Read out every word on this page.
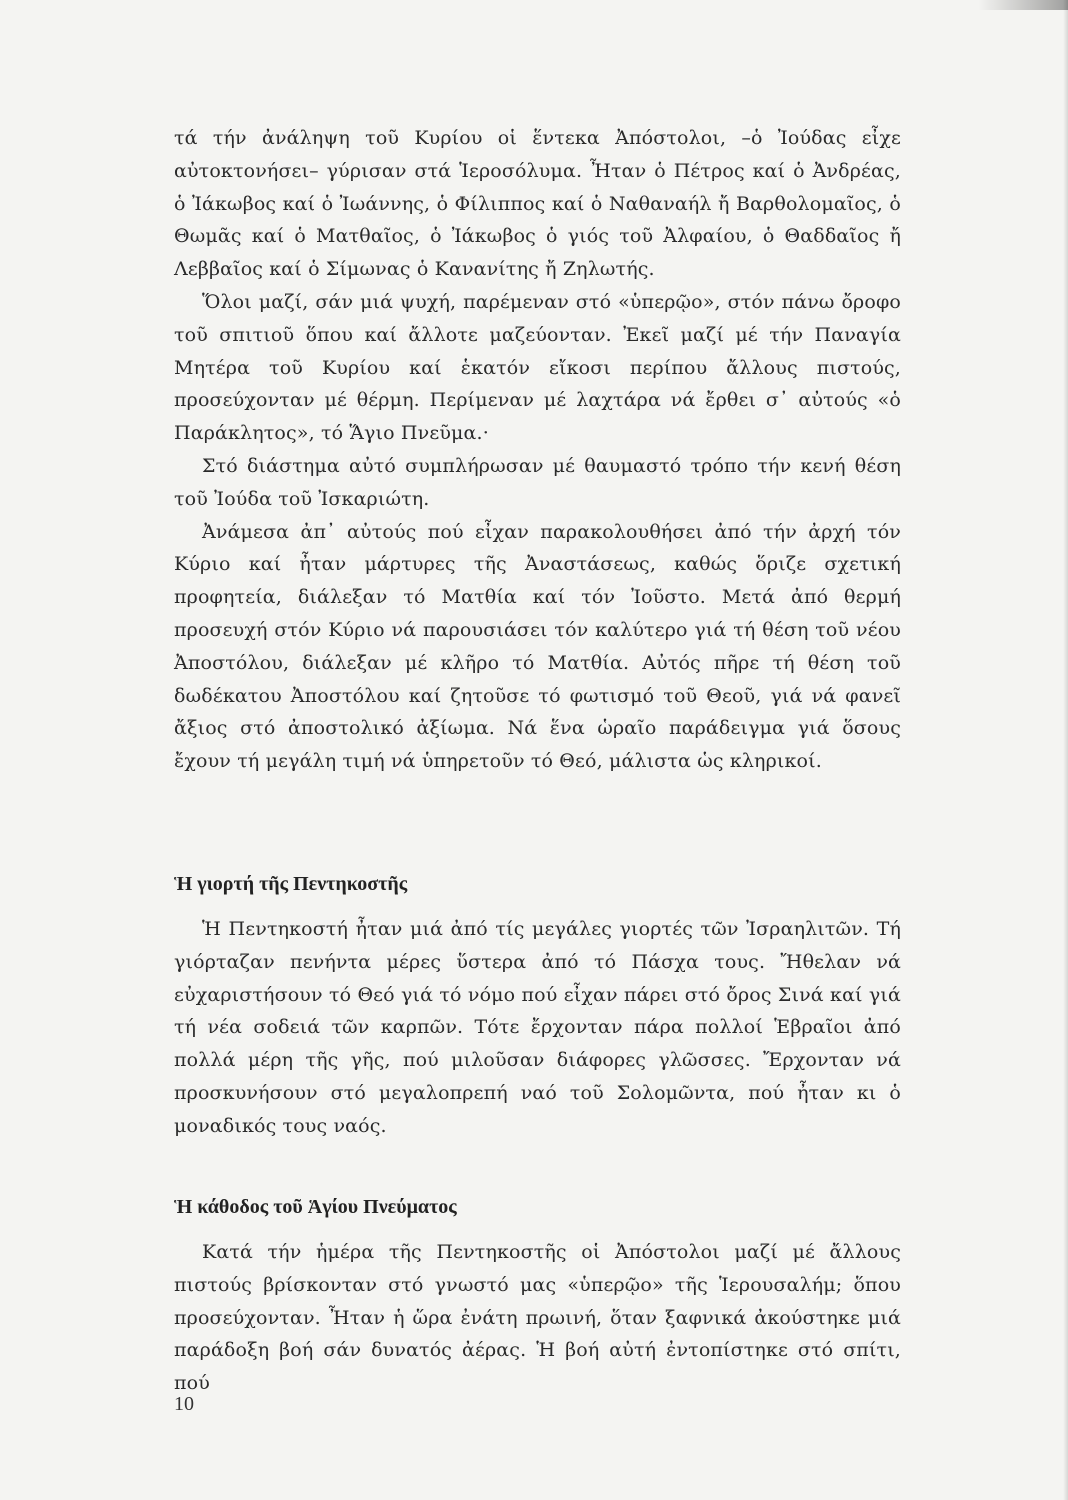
τά τήν ἀνάληψη τοῦ Κυρίου οἱ ἕντεκα Ἀπόστολοι, –ὁ Ἰούδας εἶχε αὐτοκτονήσει– γύρισαν στά Ἱεροσόλυμα. Ἦταν ὁ Πέτρος καί ὁ Ἀνδρέας, ὁ Ἰάκωβος καί ὁ Ἰωάννης, ὁ Φίλιππος καί ὁ Ναθαναήλ ἤ Βαρθολομαῖος, ὁ Θωμᾶς καί ὁ Ματθαῖος, ὁ Ἰάκωβος ὁ γιός τοῦ Ἀλφαίου, ὁ Θαδδαῖος ἤ Λεββαῖος καί ὁ Σίμωνας ὁ Κανανίτης ἤ Ζηλωτής.

Ὅλοι μαζί, σάν μιά ψυχή, παρέμεναν στό «ὑπερῷο», στόν πάνω ὄροφο τοῦ σπιτιοῦ ὅπου καί ἄλλοτε μαζεύονταν. Ἐκεῖ μαζί μέ τήν Παναγία Μητέρα τοῦ Κυρίου καί ἑκατόν εἴκοσι περίπου ἄλλους πιστούς, προσεύχονταν μέ θέρμη. Περίμεναν μέ λαχτάρα νά ἔρθει σ᾿ αὐτούς «ὁ Παράκλητος», τό Ἅγιο Πνεῦμα.·

Στό διάστημα αὐτό συμπλήρωσαν μέ θαυμαστό τρόπο τήν κενή θέση τοῦ Ἰούδα τοῦ Ἰσκαριώτη.

Ἀνάμεσα ἀπ᾿ αὐτούς πού εἶχαν παρακολουθήσει ἀπό τήν ἀρχή τόν Κύριο καί ἦταν μάρτυρες τῆς Ἀναστάσεως, καθώς ὅριζε σχετική προφητεία, διάλεξαν τό Ματθία καί τόν Ἰοῦστο. Μετά ἀπό θερμή προσευχή στόν Κύριο νά παρουσιάσει τόν καλύτερο γιά τή θέση τοῦ νέου Ἀποστόλου, διάλεξαν μέ κλῆρο τό Ματθία. Αὐτός πῆρε τή θέση τοῦ δωδέκατου Ἀποστόλου καί ζητοῦσε τό φωτισμό τοῦ Θεοῦ, γιά νά φανεῖ ἄξιος στό ἀποστολικό ἀξίωμα. Νά ἕνα ὡραῖο παράδειγμα γιά ὅσους ἔχουν τή μεγάλη τιμή νά ὑπηρετοῦν τό Θεό, μάλιστα ὡς κληρικοί.

Ἡ γιορτή τῆς Πεντηκοστῆς

Ἡ Πεντηκοστή ἦταν μιά ἀπό τίς μεγάλες γιορτές τῶν Ἰσραηλιτῶν. Τή γιόρταζαν πενήντα μέρες ὕστερα ἀπό τό Πάσχα τους. Ἤθελαν νά εὐχαριστήσουν τό Θεό γιά τό νόμο πού εἶχαν πάρει στό ὄρος Σινά καί γιά τή νέα σοδειά τῶν καρπῶν. Τότε ἔρχονταν πάρα πολλοί Ἑβραῖοι ἀπό πολλά μέρη τῆς γῆς, πού μιλοῦσαν διάφορες γλῶσσες. Ἔρχονταν νά προσκυνήσουν στό μεγαλοπρεπή ναό τοῦ Σολομῶντα, πού ἦταν κι ὁ μοναδικός τους ναός.

Ἡ κάθοδος τοῦ Ἁγίου Πνεύματος

Κατά τήν ἡμέρα τῆς Πεντηκοστῆς οἱ Ἀπόστολοι μαζί μέ ἄλλους πιστούς βρίσκονταν στό γνωστό μας «ὑπερῷο» τῆς Ἱερουσαλήμ; ὅπου προσεύχονταν. Ἦταν ἡ ὥρα ἐνάτη πρωινή, ὅταν ξαφνικά ἀκούστηκε μιά παράδοξη βοή σάν δυνατός ἀέρας. Ἡ βοή αὐτή ἐντοπίστηκε στό σπίτι, πού

10
